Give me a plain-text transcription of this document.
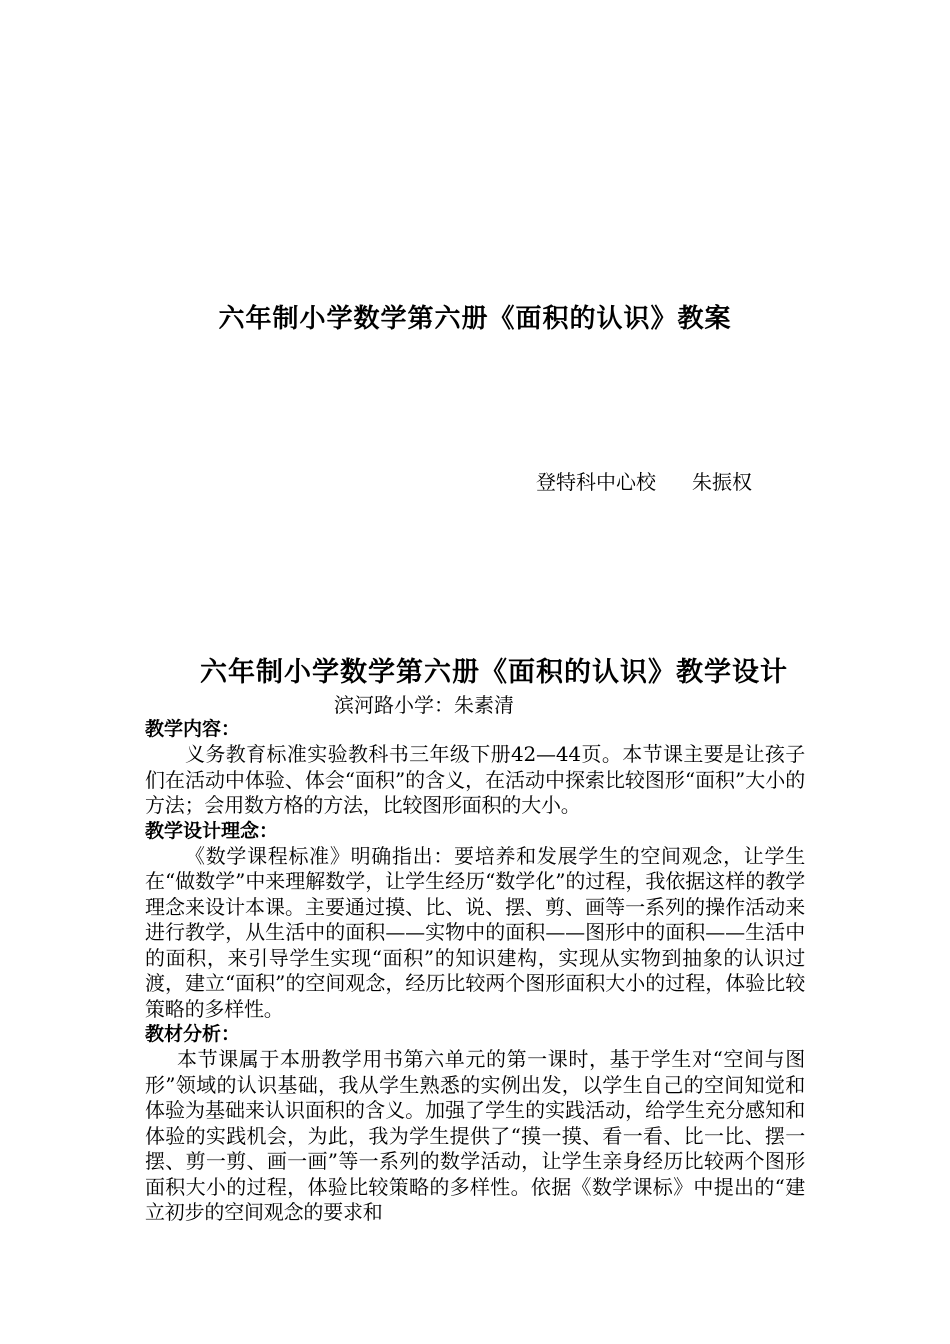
六年制小学数学第六册《面积的认识》教案
登特科中心校 朱振权
六年制小学数学第六册《面积的认识》教学设计
滨河路小学：朱素清
教学内容：

义务教育标准实验教科书三年级下册42—44页。本节课主要是让孩子们在活动中体验、体会“面积”的含义，在活动中探索比较图形“面积”大小的方法；会用数方格的方法，比较图形面积的大小。

教学设计理念：

《数学课程标准》明确指出：要培养和发展学生的空间观念，让学生在“做数学”中来理解数学，让学生经历“数学化”的过程，我依据这样的教学理念来设计本课。主要通过摸、比、说、摆、剪、画等一系列的操作活动来进行教学，从生活中的面积——实物中的面积——图形中的面积——生活中的面积，来引导学生实现“面积”的知识建构，实现从实物到抽象的认识过渡，建立“面积”的空间观念，经历比较两个图形面积大小的过程，体验比较策略的多样性。

教材分析：

本节课属于本册教学用书第六单元的第一课时，基于学生对“空间与图形”领域的认识基础，我从学生熟悉的实例出发，以学生自己的空间知觉和体验为基础来认识面积的含义。加强了学生的实践活动，给学生充分感知和体验的实践机会，为此，我为学生提供了“摸一摸、看一看、比一比、摆一摆、剪一剪、画一画”等一系列的数学活动，让学生亲身经历比较两个图形面积大小的过程，体验比较策略的多样性。依据《数学课标》中提出的“建立初步的空间观念的要求和
